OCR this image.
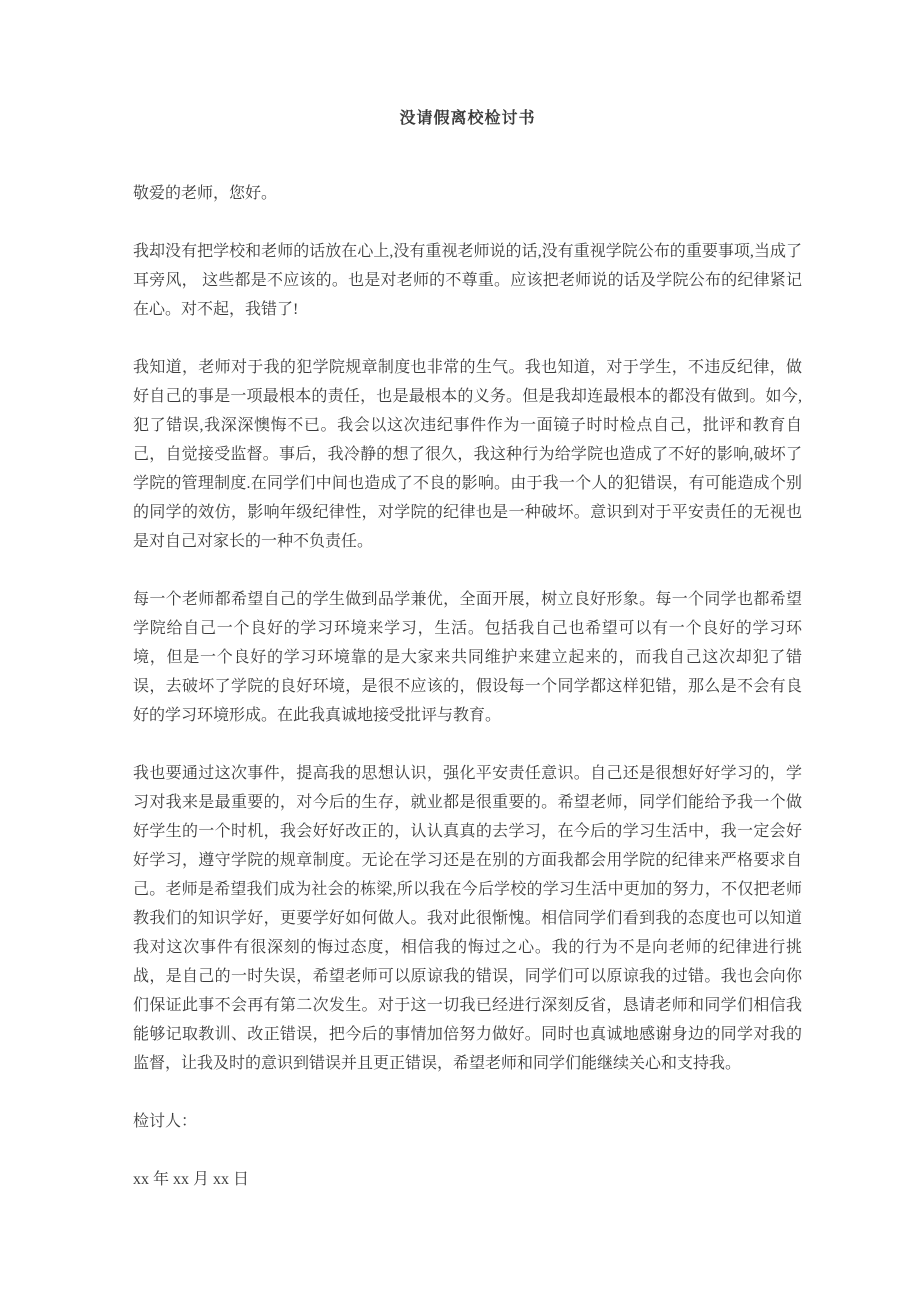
没请假离校检讨书

敬爱的老师，您好。

我却没有把学校和老师的话放在心上,没有重视老师说的话,没有重视学院公布的重要事项,当成了耳旁风， 这些都是不应该的。也是对老师的不尊重。应该把老师说的话及学院公布的纪律紧记在心。对不起，我错了!

我知道，老师对于我的犯学院规章制度也非常的生气。我也知道，对于学生，不违反纪律，做好自己的事是一项最根本的责任，也是最根本的义务。但是我却连最根本的都没有做到。如今,犯了错误,我深深懊悔不已。我会以这次违纪事件作为一面镜子时时检点自己，批评和教育自己，自觉接受监督。事后，我冷静的想了很久，我这种行为给学院也造成了不好的影响,破坏了学院的管理制度.在同学们中间也造成了不良的影响。由于我一个人的犯错误，有可能造成个别的同学的效仿，影响年级纪律性，对学院的纪律也是一种破坏。意识到对于平安责任的无视也是对自己对家长的一种不负责任。

每一个老师都希望自己的学生做到品学兼优，全面开展，树立良好形象。每一个同学也都希望学院给自己一个良好的学习环境来学习，生活。包括我自己也希望可以有一个良好的学习环境，但是一个良好的学习环境靠的是大家来共同维护来建立起来的，而我自己这次却犯了错误，去破坏了学院的良好环境，是很不应该的，假设每一个同学都这样犯错，那么是不会有良好的学习环境形成。在此我真诚地接受批评与教育。

我也要通过这次事件，提高我的思想认识，强化平安责任意识。自己还是很想好好学习的，学习对我来是最重要的，对今后的生存，就业都是很重要的。希望老师，同学们能给予我一个做好学生的一个时机，我会好好改正的，认认真真的去学习，在今后的学习生活中，我一定会好好学习，遵守学院的规章制度。无论在学习还是在别的方面我都会用学院的纪律来严格要求自己。老师是希望我们成为社会的栋梁,所以我在今后学校的学习生活中更加的努力，不仅把老师教我们的知识学好，更要学好如何做人。我对此很惭愧。相信同学们看到我的态度也可以知道我对这次事件有很深刻的悔过态度，相信我的悔过之心。我的行为不是向老师的纪律进行挑战，是自己的一时失误，希望老师可以原谅我的错误，同学们可以原谅我的过错。我也会向你们保证此事不会再有第二次发生。对于这一切我已经进行深刻反省，恳请老师和同学们相信我能够记取教训、改正错误，把今后的事情加倍努力做好。同时也真诚地感谢身边的同学对我的监督，让我及时的意识到错误并且更正错误，希望老师和同学们能继续关心和支持我。

检讨人：

xx 年 xx 月 xx 日
